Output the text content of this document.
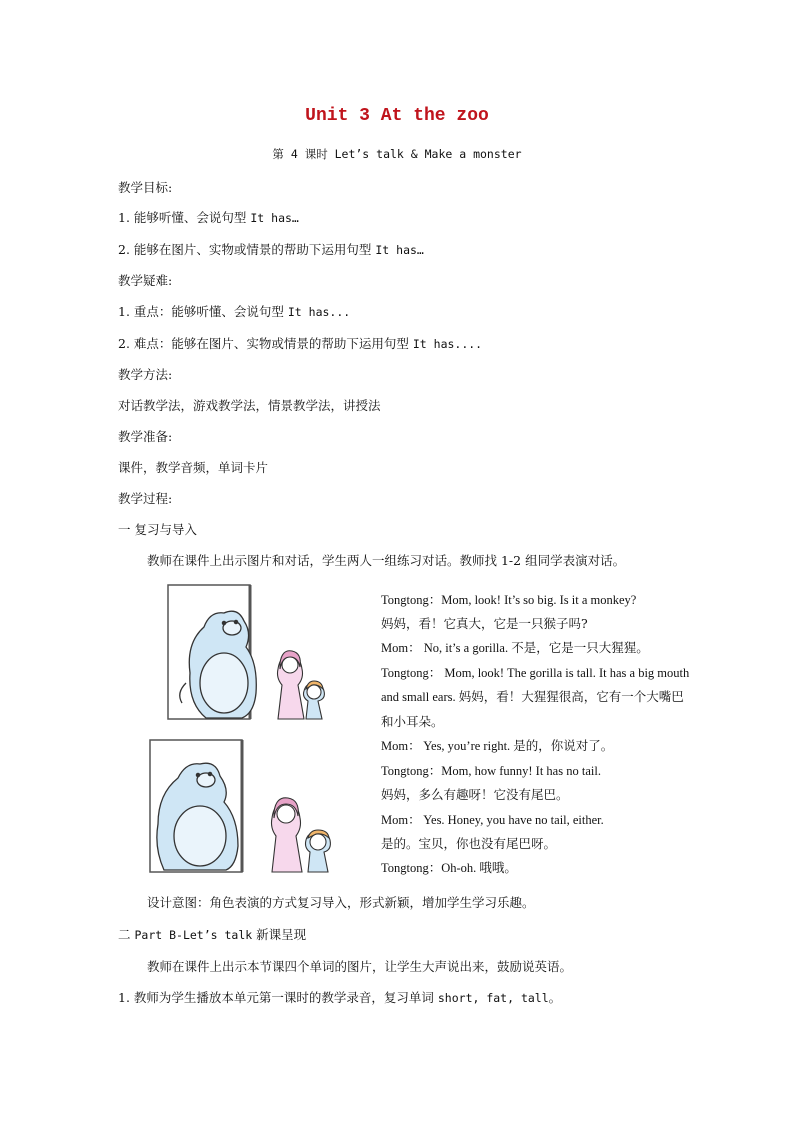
Unit 3 At the zoo
第 4 课时 Let’s talk & Make a monster
教学目标:
1. 能够听懂、会说句型 It has…
2. 能够在图片、实物或情景的帮助下运用句型 It has…
教学疑难:
1. 重点：能够听懂、会说句型 It has...
2. 难点：能够在图片、实物或情景的帮助下运用句型 It has....
教学方法:
对话教学法，游戏教学法，情景教学法，讲授法
教学准备:
课件，教学音频，单词卡片
教学过程:
一 复习与导入
教师在课件上出示图片和对话，学生两人一组练习对话。教师找 1-2 组同学表演对话。
Tongtong：Mom, look! It’s so big. Is it a monkey?
妈妈，看！它真大，它是一只猴子吗?
Mom： No, it’s a gorilla. 不是，它是一只大猩猩。
Tongtong： Mom, look! The gorilla is tall. It has a big mouth
and small ears. 妈妈，看！大猩猩很高，它有一个大嘴巴
和小耳朵。
Mom： Yes, you’re right. 是的，你说对了。
Tongtong：Mom, how funny! It has no tail.
妈妈，多么有趣呀！它没有尾巴。
Mom： Yes. Honey, you have no tail, either.
是的。宝贝，你也没有尾巴呀。
Tongtong：Oh-oh. 哦哦。
设计意图：角色表演的方式复习导入，形式新颖，增加学生学习乐趣。
二 Part B-Let’s talk 新课呈现
教师在课件上出示本节课四个单词的图片，让学生大声说出来，鼓励说英语。
1. 教师为学生播放本单元第一课时的教学录音，复习单词 short, fat, tall。
